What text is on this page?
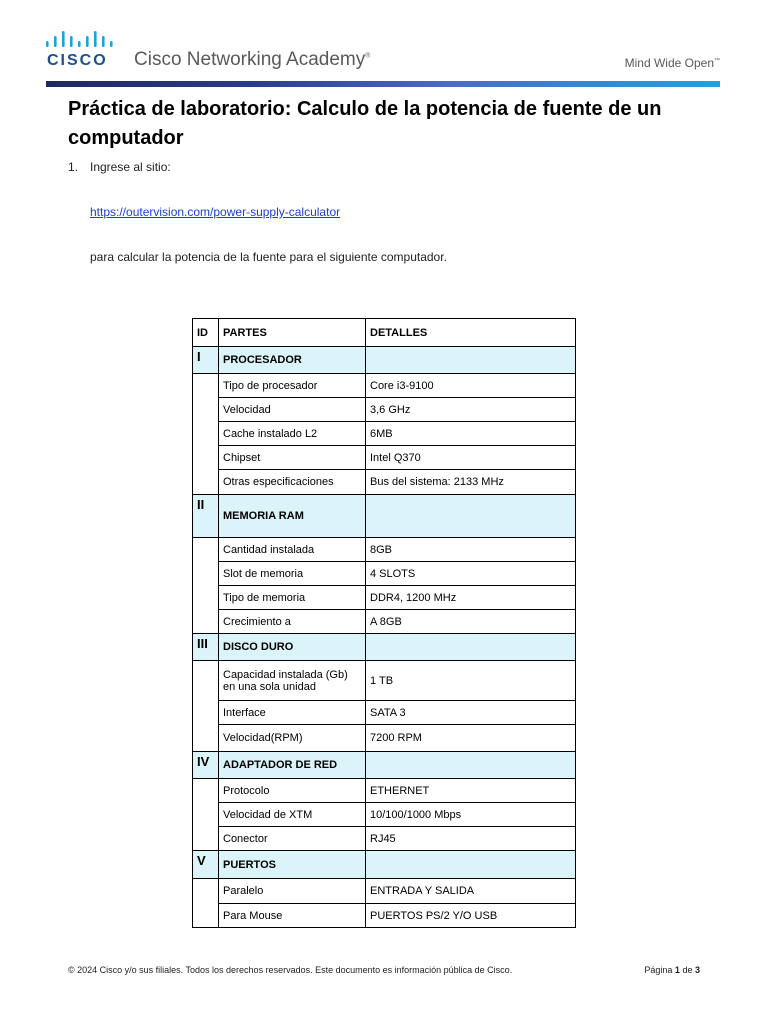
CISCO Cisco Networking Academy®	Mind Wide Open™
Práctica de laboratorio: Calculo de la potencia de fuente de un computador
1. Ingrese al sitio:
https://outervision.com/power-supply-calculator
para calcular la potencia de la fuente para el siguiente computador.
ID	PARTES	DETALLES
I	PROCESADOR	
	Tipo de procesador	Core i3-9100
	Velocidad	3,6 GHz
	Cache instalado L2	6MB
	Chipset	Intel Q370
	Otras especificaciones	Bus del sistema: 2133 MHz
II	MEMORIA RAM	
	Cantidad instalada	8GB
	Slot de memoria	4 SLOTS
	Tipo de memoria	DDR4, 1200 MHz
	Crecimiento a	A 8GB
III	DISCO DURO	
	Capacidad instalada (Gb) en una sola unidad	1 TB
	Interface	SATA 3
	Velocidad(RPM)	7200 RPM
IV	ADAPTADOR DE RED	
	Protocolo	ETHERNET
	Velocidad de XTM	10/100/1000 Mbps
	Conector	RJ45
V	PUERTOS	
	Paralelo	ENTRADA Y SALIDA
	Para Mouse	PUERTOS PS/2 Y/O USB
© 2024 Cisco y/o sus filiales. Todos los derechos reservados. Este documento es información pública de Cisco.	Página 1 de 3
